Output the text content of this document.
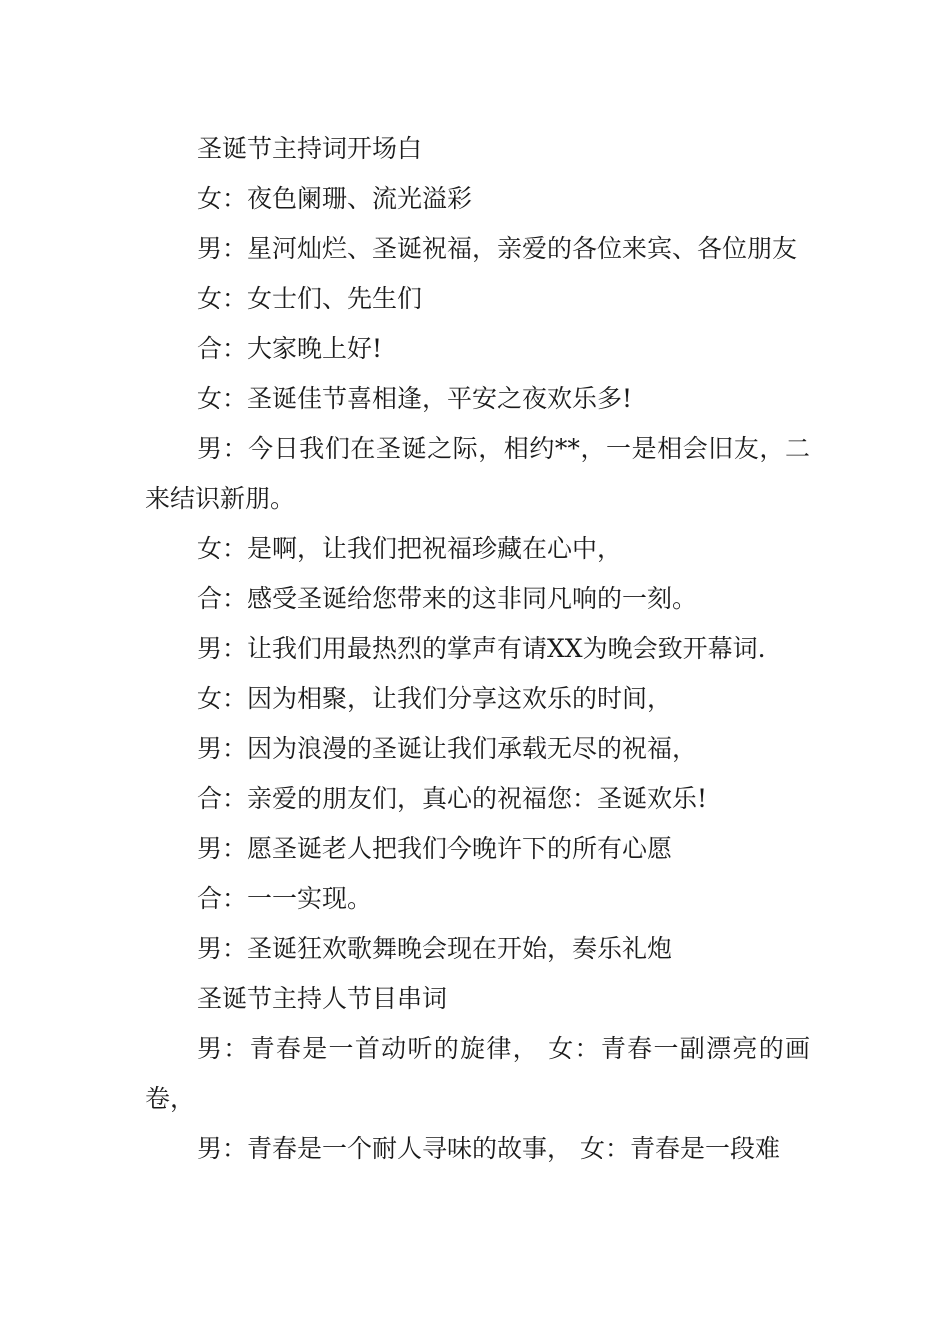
圣诞节主持词开场白

女：夜色阑珊、流光溢彩

男：星河灿烂、圣诞祝福，亲爱的各位来宾、各位朋友

女：女士们、先生们

合：大家晚上好!

女：圣诞佳节喜相逢，平安之夜欢乐多!

男：今日我们在圣诞之际，相约**，一是相会旧友，二来结识新朋。

女：是啊，让我们把祝福珍藏在心中，

合：感受圣诞给您带来的这非同凡响的一刻。

男：让我们用最热烈的掌声有请XX为晚会致开幕词.

女：因为相聚，让我们分享这欢乐的时间，

男：因为浪漫的圣诞让我们承载无尽的祝福，

合：亲爱的朋友们，真心的祝福您：圣诞欢乐!

男：愿圣诞老人把我们今晚许下的所有心愿

合：一一实现。

男：圣诞狂欢歌舞晚会现在开始，奏乐礼炮

圣诞节主持人节目串词

男：青春是一首动听的旋律， 女：青春一副漂亮的画卷，

男：青春是一个耐人寻味的故事， 女：青春是一段难
